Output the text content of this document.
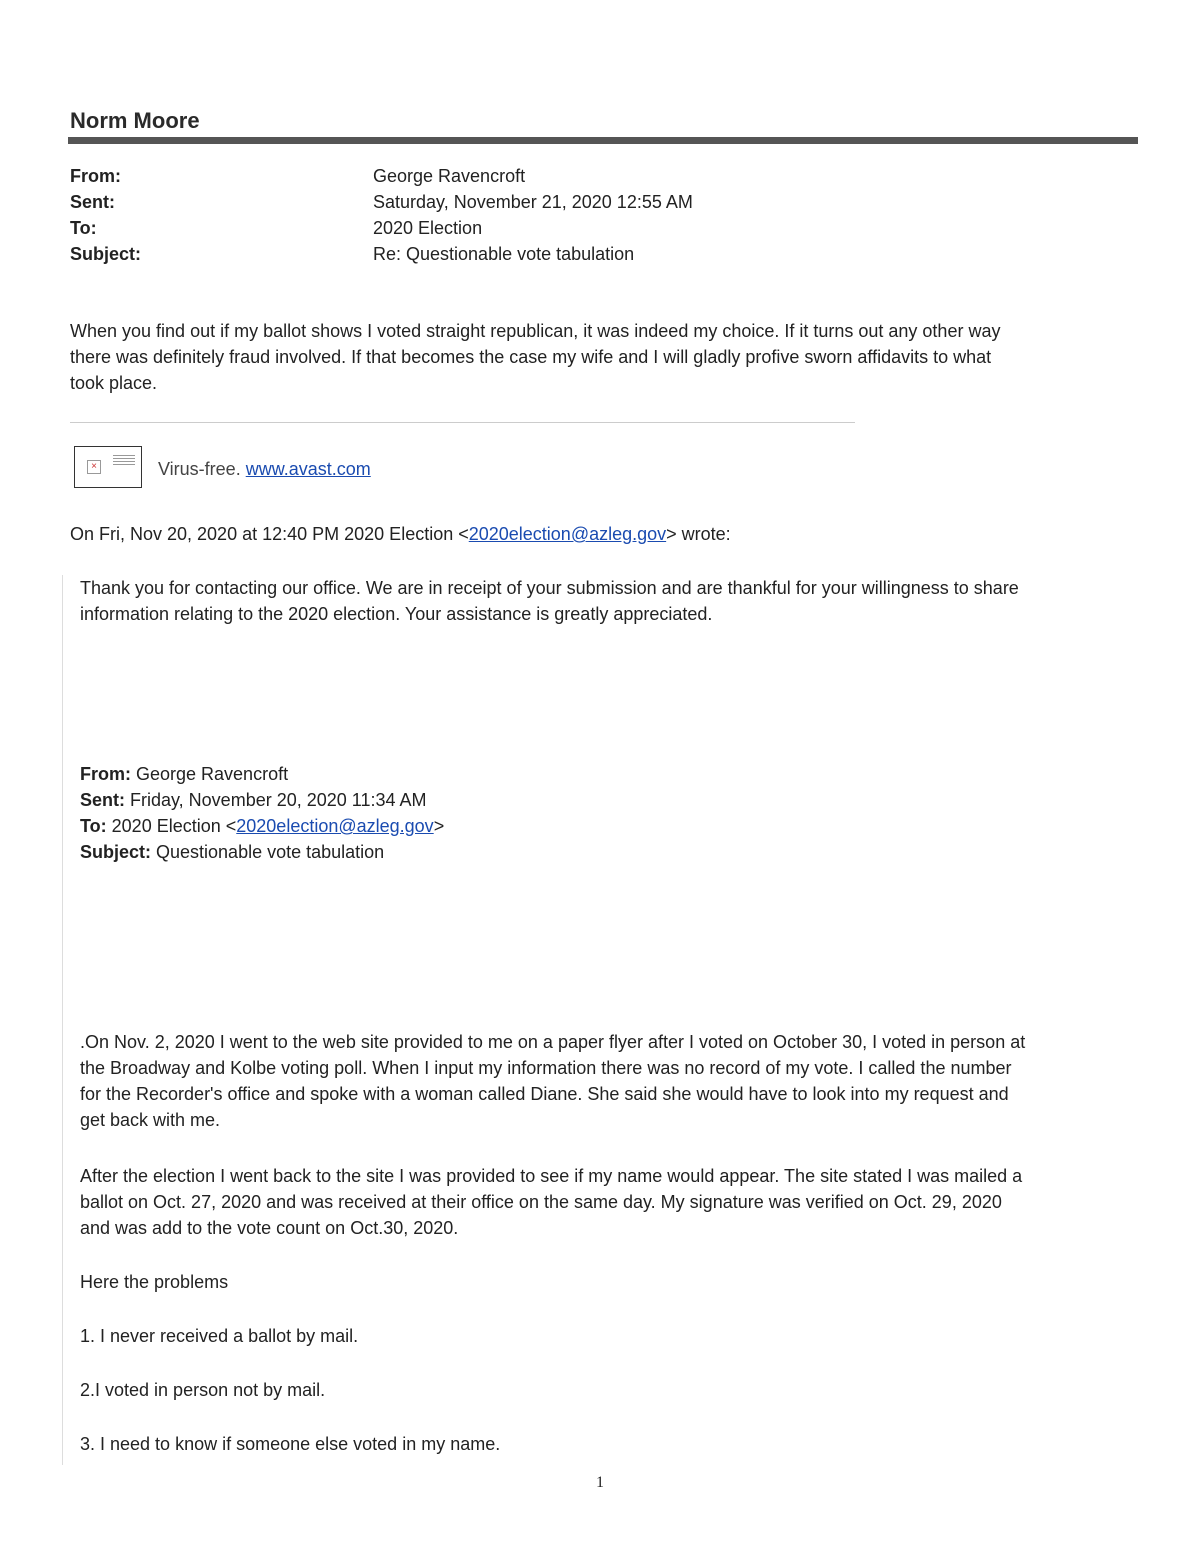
Norm Moore
From:	George Ravencroft
Sent:	Saturday, November 21, 2020 12:55 AM
To:	2020 Election
Subject:	Re: Questionable vote tabulation
When you find out if my ballot shows I voted straight republican, it was indeed my choice. If it turns out any other way
there was definitely fraud involved. If that becomes the case my wife and I will gladly profive sworn affidavits to what
took place.
×	Virus-free. www.avast.com
On Fri, Nov 20, 2020 at 12:40 PM 2020 Election <2020election@azleg.gov> wrote:
Thank you for contacting our office. We are in receipt of your submission and are thankful for your willingness to share
information relating to the 2020 election. Your assistance is greatly appreciated.
From: George Ravencroft
Sent: Friday, November 20, 2020 11:34 AM
To: 2020 Election <2020election@azleg.gov>
Subject: Questionable vote tabulation
.On Nov. 2, 2020 I went to the web site provided to me on a paper flyer after I voted on October 30, I voted in person at
the Broadway and Kolbe voting poll. When I input my information there was no record of my vote. I called the number
for the Recorder's office and spoke with a woman called Diane. She said she would have to look into my request and
get back with me.
After the election I went back to the site I was provided to see if my name would appear. The site stated I was mailed a
ballot on Oct. 27, 2020 and was received at their office on the same day. My signature was verified on Oct. 29, 2020
and was add to the vote count on Oct.30, 2020.
Here the problems
1. I never received a ballot by mail.
2.I voted in person not by mail.
3. I need to know if someone else voted in my name.
1
